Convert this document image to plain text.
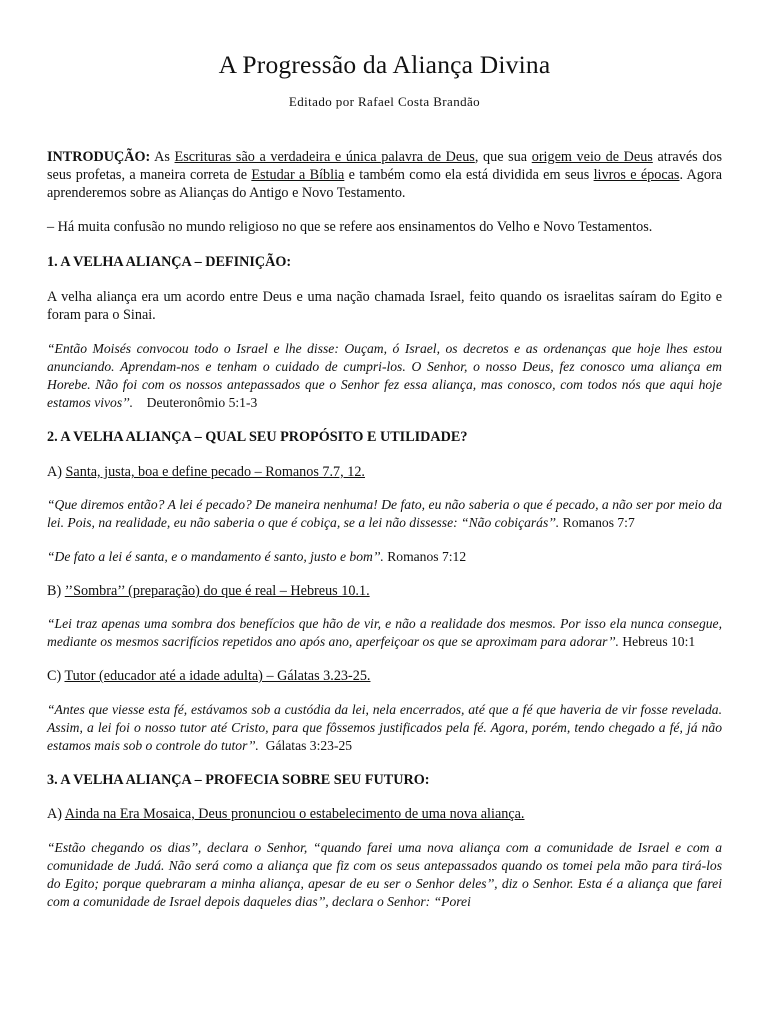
A Progressão da Aliança Divina
Editado por Rafael Costa Brandão

INTRODUÇÃO: As Escrituras são a verdadeira e única palavra de Deus, que sua origem veio de Deus através dos seus profetas, a maneira correta de Estudar a Bíblia e também como ela está dividida em seus livros e épocas. Agora aprenderemos sobre as Alianças do Antigo e Novo Testamento.

– Há muita confusão no mundo religioso no que se refere aos ensinamentos do Velho e Novo Testamentos.

1. A VELHA ALIANÇA – DEFINIÇÃO:

A velha aliança era um acordo entre Deus e uma nação chamada Israel, feito quando os israelitas saíram do Egito e foram para o Sinai.

“Então Moisés convocou todo o Israel e lhe disse: Ouçam, ó Israel, os decretos e as ordenanças que hoje lhes estou anunciando. Aprendam-nos e tenham o cuidado de cumpri-los. O Senhor, o nosso Deus, fez conosco uma aliança em Horebe. Não foi com os nossos antepassados que o Senhor fez essa aliança, mas conosco, com todos nós que aqui hoje estamos vivos’’. Deuteronômio 5:1-3

2. A VELHA ALIANÇA – QUAL SEU PROPÓSITO E UTILIDADE?

A) Santa, justa, boa e define pecado – Romanos 7.7, 12.

“Que diremos então? A lei é pecado? De maneira nenhuma! De fato, eu não saberia o que é pecado, a não ser por meio da lei. Pois, na realidade, eu não saberia o que é cobiça, se a lei não dissesse: “Não cobiçarás’’. Romanos 7:7

“De fato a lei é santa, e o mandamento é santo, justo e bom’’. Romanos 7:12

B) ’’Sombra’’ (preparação) do que é real – Hebreus 10.1.

“Lei traz apenas uma sombra dos benefícios que hão de vir, e não a realidade dos mesmos. Por isso ela nunca consegue, mediante os mesmos sacrifícios repetidos ano após ano, aperfeiçoar os que se aproximam para adorar’’. Hebreus 10:1

C) Tutor (educador até a idade adulta) – Gálatas 3.23-25.

“Antes que viesse esta fé, estávamos sob a custódia da lei, nela encerrados, até que a fé que haveria de vir fosse revelada. Assim, a lei foi o nosso tutor até Cristo, para que fôssemos justificados pela fé. Agora, porém, tendo chegado a fé, já não estamos mais sob o controle do tutor’’. Gálatas 3:23-25

3. A VELHA ALIANÇA – PROFECIA SOBRE SEU FUTURO:

A) Ainda na Era Mosaica, Deus pronunciou o estabelecimento de uma nova aliança.

“Estão chegando os dias’’, declara o Senhor, “quando farei uma nova aliança com a comunidade de Israel e com a comunidade de Judá. Não será como a aliança que fiz com os seus antepassados quando os tomei pela mão para tirá-los do Egito; porque quebraram a minha aliança, apesar de eu ser o Senhor deles’’, diz o Senhor. Esta é a aliança que farei com a comunidade de Israel depois daqueles dias’’, declara o Senhor: “Porei
